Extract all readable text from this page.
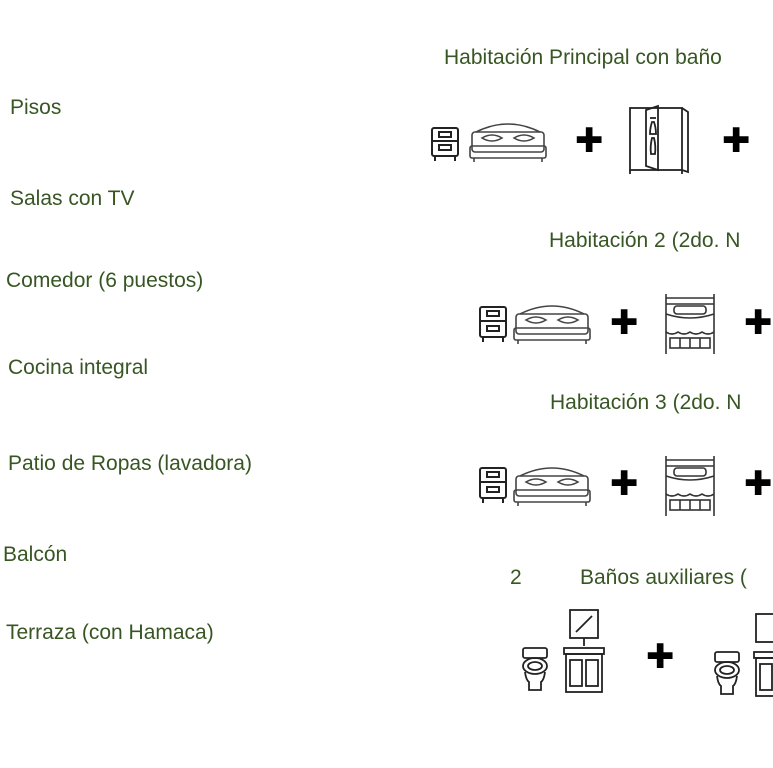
Pisos
Salas con TV
Comedor (6 puestos)
Cocina integral
Patio de Ropas (lavadora)
Balcón
Terraza (con Hamaca)
Habitación Principal con baño
Habitación 2 (2do. N
Habitación 3 (2do. N
2	Baños auxiliares (
✚	✚
✚	✚
✚	✚
✚
